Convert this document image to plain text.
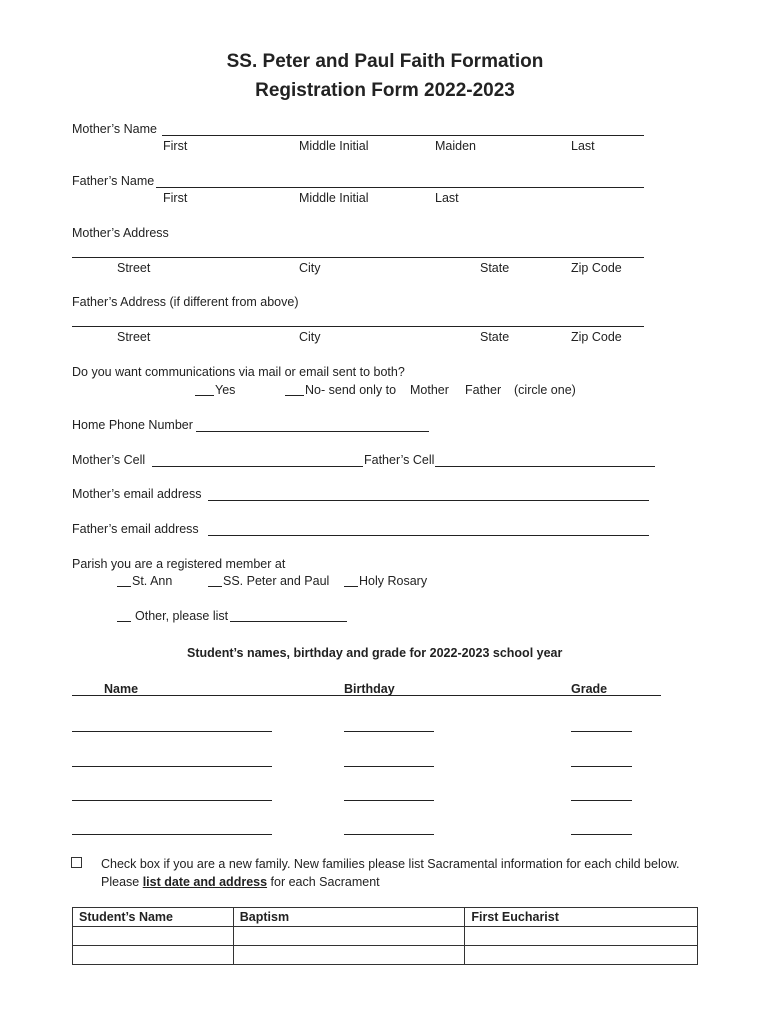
SS. Peter and Paul Faith Formation
Registration Form 2022-2023
Mother’s Name
First	Middle Initial	Maiden	Last
Father’s Name
First	Middle Initial	Last
Mother’s Address
Street	City	State	Zip Code
Father’s Address (if different from above)
Street	City	State	Zip Code
Do you want communications via mail or email sent to both?
Yes	No- send only to Mother Father (circle one)
Home Phone Number
Mother’s Cell	Father’s Cell
Mother’s email address
Father’s email address
Parish you are a registered member at
St. Ann	SS. Peter and Paul Holy Rosary
Other, please list
Student’s names, birthday and grade for 2022-2023 school year
Name	Birthday	Grade
Check box if you are a new family. New families please list Sacramental information for each child below.
Please list date and address for each Sacrament
Student’s Name	Baptism	First Eucharist
